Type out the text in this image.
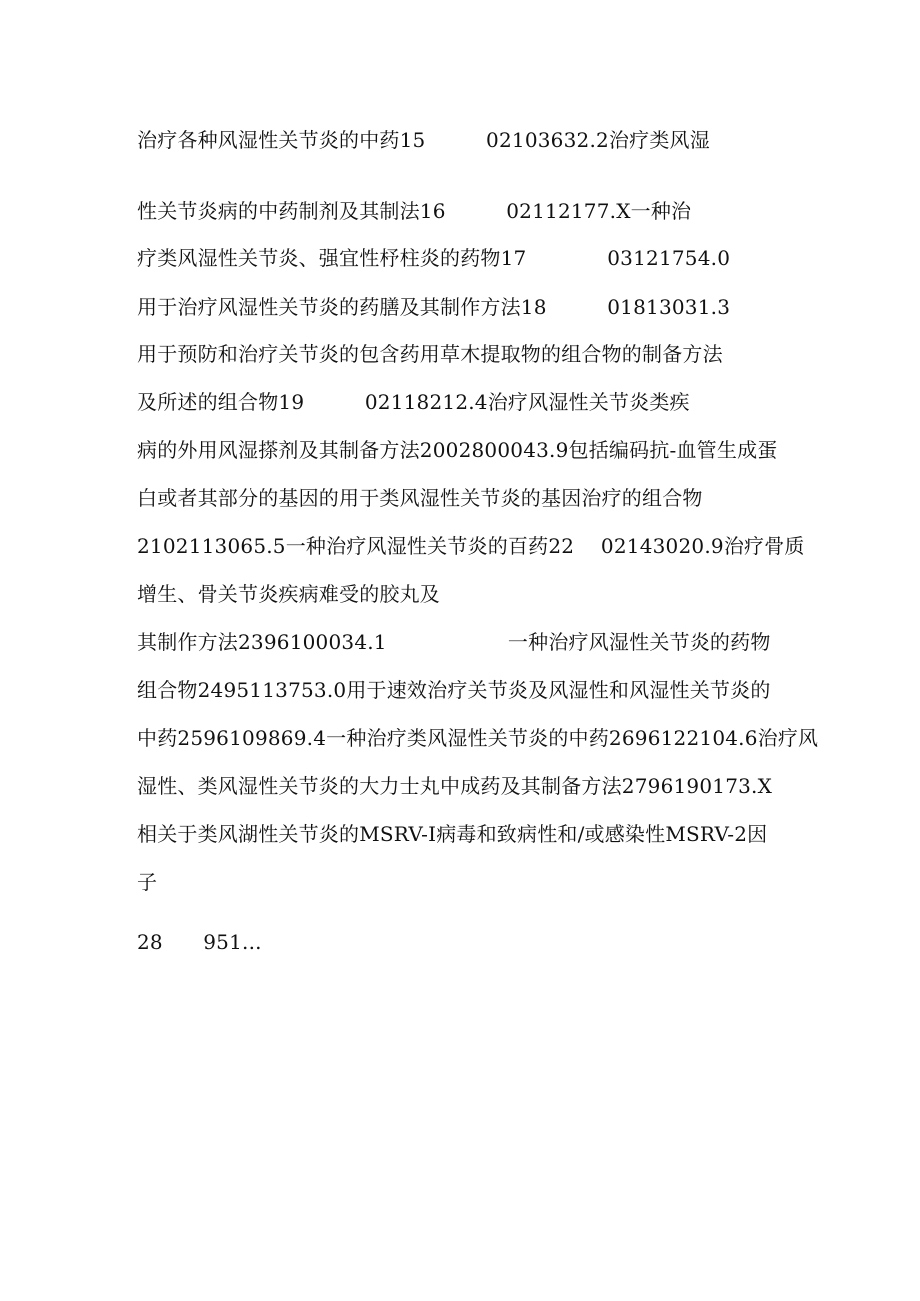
治疗各种风湿性关节炎的中药15　　　02103632.2治疗类风湿
性关节炎病的中药制剂及其制法16　　　02112177.X一种治
疗类风湿性关节炎、强宜性杼柱炎的药物17　　　　03121754.0
用于治疗风湿性关节炎的药膳及其制作方法18　　　01813031.3
用于预防和治疗关节炎的包含药用草木提取物的组合物的制备方法
及所述的组合物19　　　02118212.4治疗风湿性关节炎类疾
病的外用风湿搽剂及其制备方法2002800043.9包括编码抗-血管生成蛋
白或者其部分的基因的用于类风湿性关节炎的基因治疗的组合物
2102113065.5一种治疗风湿性关节炎的百药22　 02143020.9治疗骨质
增生、骨关节炎疾病难受的胶丸及
其制作方法2396100034.1　　　　　　一种治疗风湿性关节炎的药物
组合物2495113753.0用于速效治疗关节炎及风湿性和风湿性关节炎的
中药2596109869.4一种治疗类风湿性关节炎的中药2696122104.6治疗风
湿性、类风湿性关节炎的大力士丸中成药及其制备方法2796190173.X
相关于类风湖性关节炎的MSRV-I病毒和致病性和/或感染性MSRV-2因
子
28　　951...
